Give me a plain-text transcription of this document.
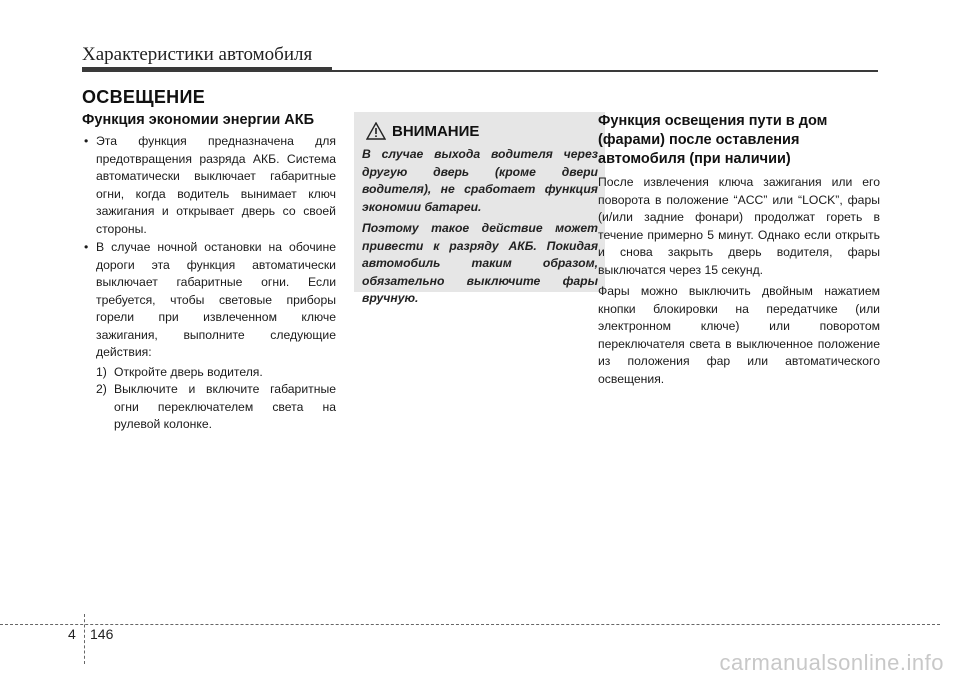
Характеристики автомобиля
ОСВЕЩЕНИЕ
Функция экономии энергии АКБ
• Эта функция предназначена для предотвращения разряда АКБ. Система автоматически выключает габаритные огни, когда водитель вынимает ключ зажигания и открывает дверь со своей стороны.
• В случае ночной остановки на обочине дороги эта функция автоматически выключает габаритные огни. Если требуется, чтобы световые приборы горели при извлеченном ключе зажигания, выполните следующие действия:
1) Откройте дверь водителя.
2) Выключите и включите габаритные огни переключателем света на рулевой колонке.
ВНИМАНИЕ

В случае выхода водителя через другую дверь (кроме двери водителя), не сработает функция экономии батареи.

Поэтому такое действие может привести к разряду АКБ. Покидая автомобиль таким образом, обязательно выключите фары вручную.

Функция освещения пути в дом (фарами) после оставления автомобиля (при наличии)

После извлечения ключа зажигания или его поворота в положение “ACC” или “LOCK”, фары (и/или задние фонари) продолжат гореть в течение примерно 5 минут. Однако если открыть и снова закрыть дверь водителя, фары выключатся через 15 секунд.

Фары можно выключить двойным нажатием кнопки блокировки на передатчике (или электронном ключе) или поворотом переключателя света в выключенное положение из положения фар или автоматического освещения.

4 146
carmanualsonline.info
